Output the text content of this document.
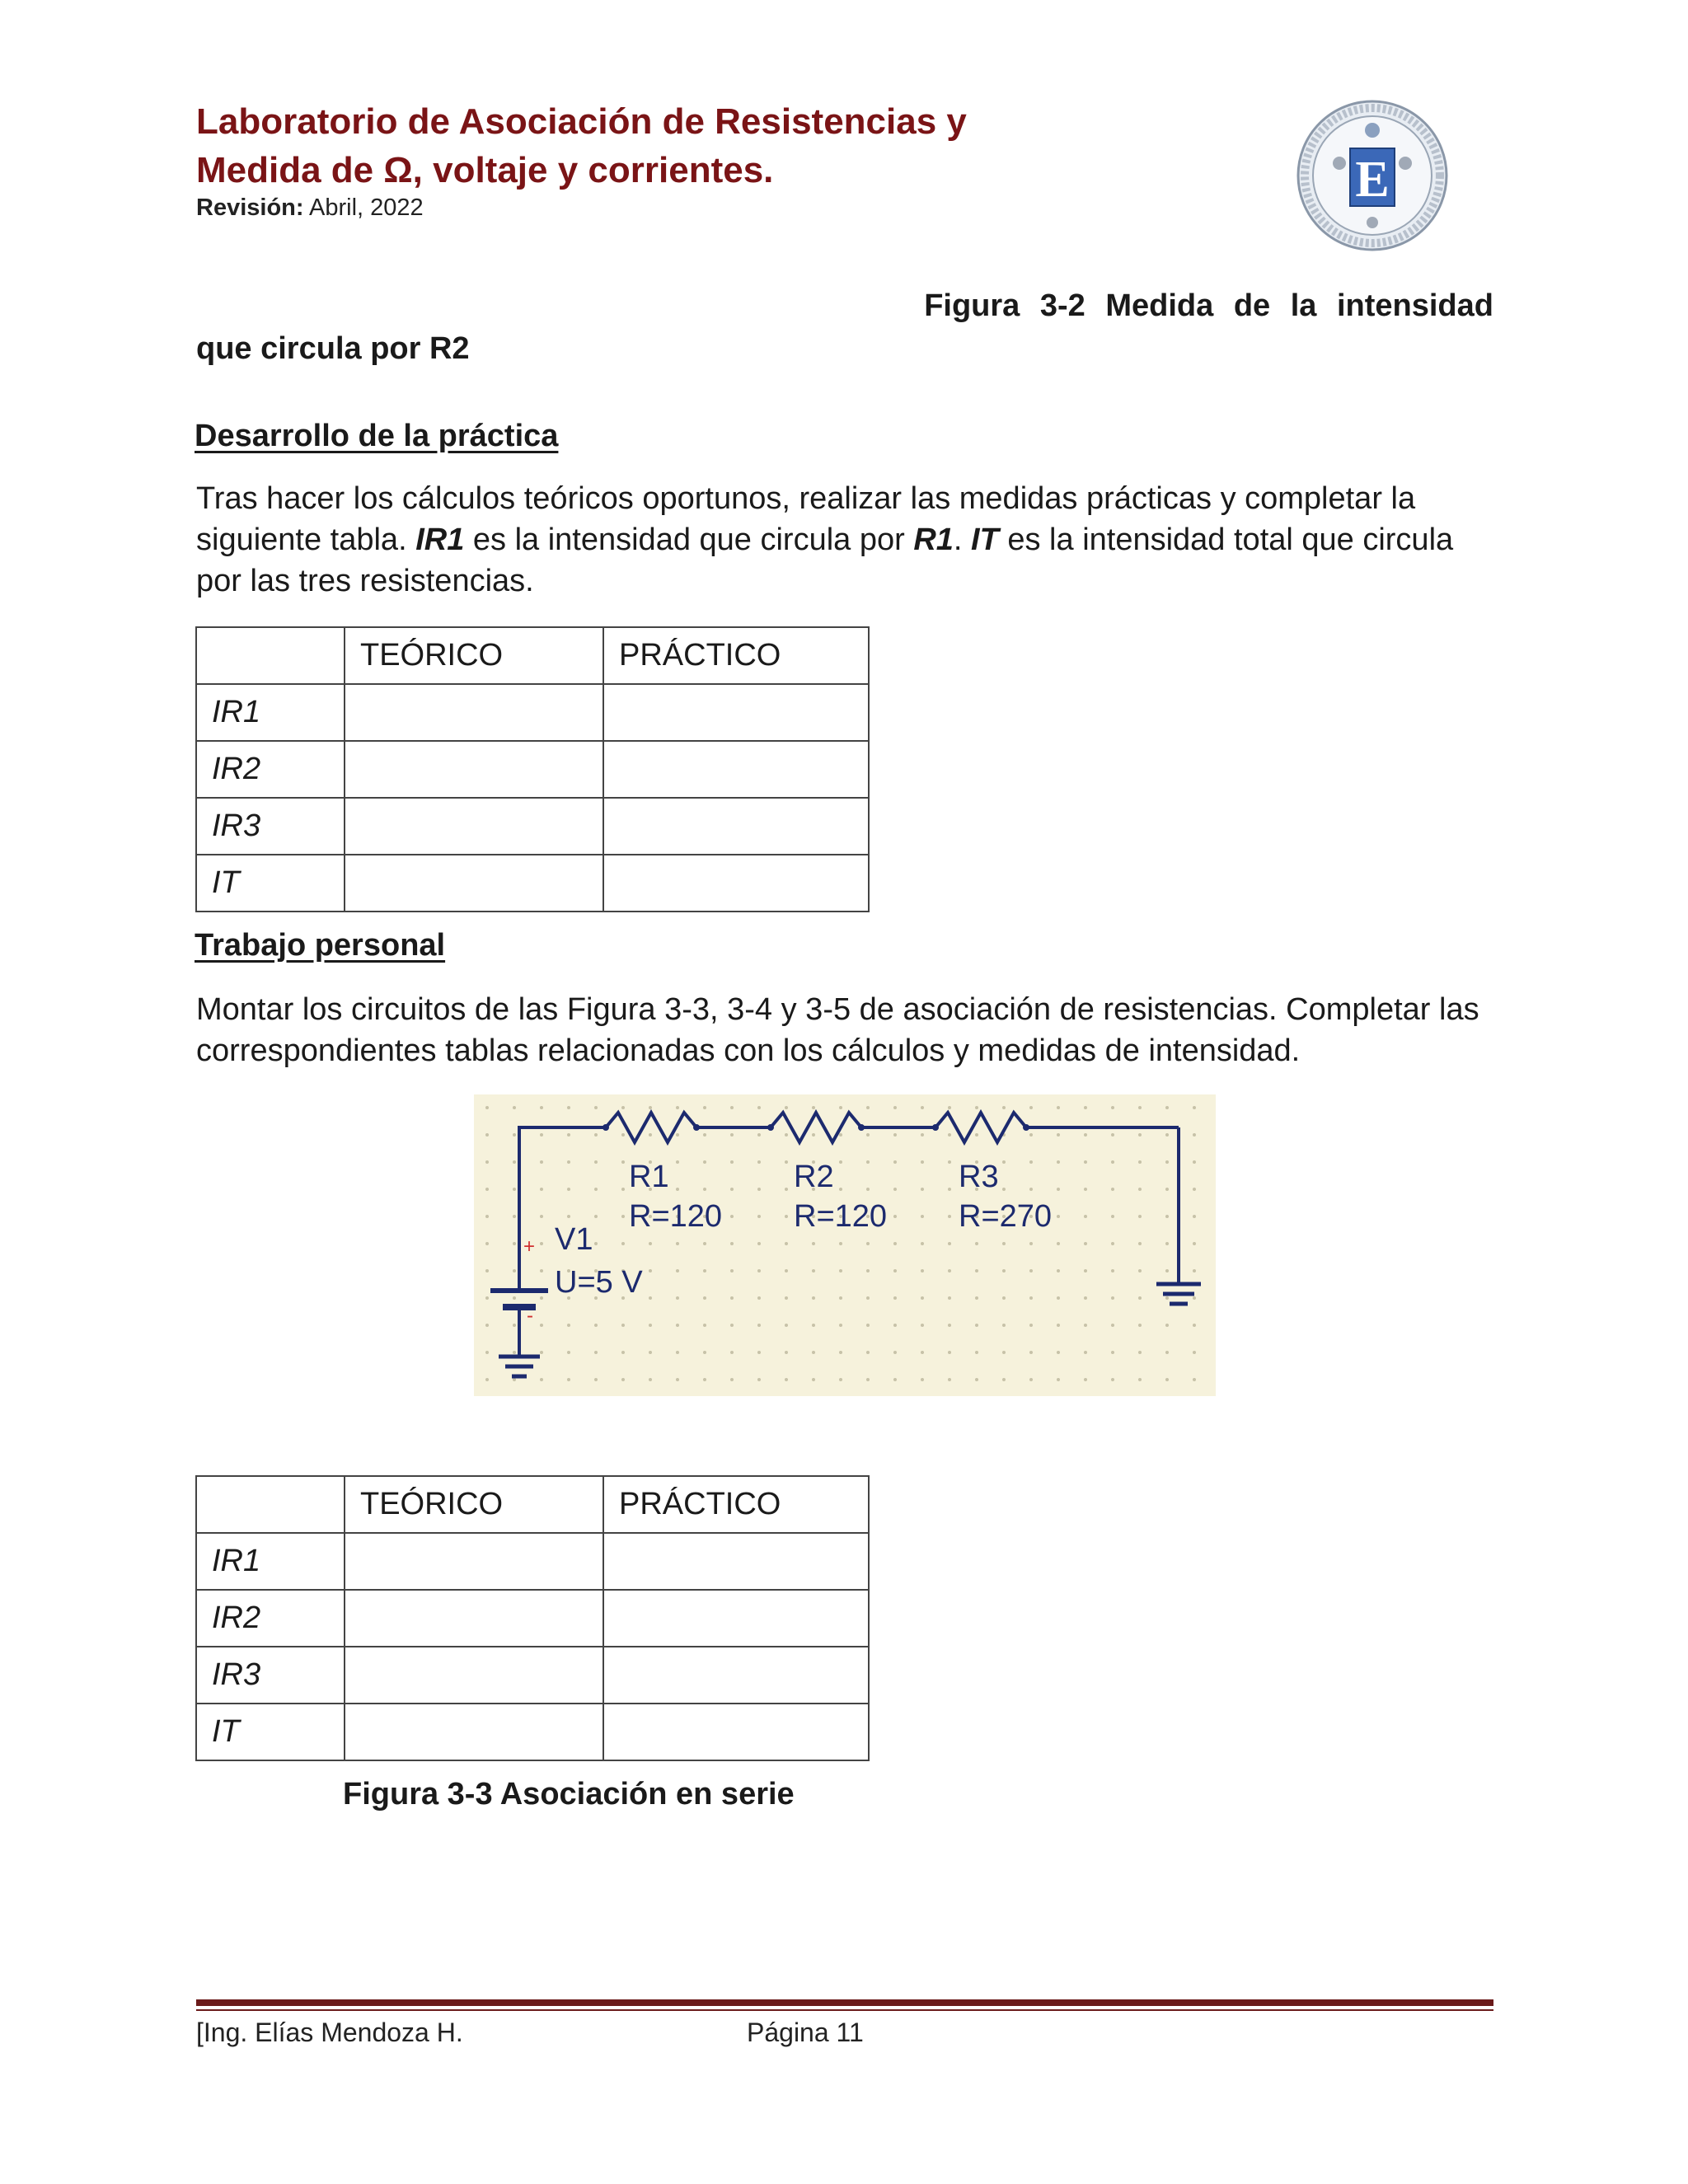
Laboratorio de Asociación de Resistencias y
Medida de Ω, voltaje y corrientes.
Revisión: Abril, 2022	E
Figura 3-2 Medida de la intensidad
que circula por R2
Desarrollo de la práctica

Tras hacer los cálculos teóricos oportunos, realizar las medidas prácticas y completar la siguiente tabla. IR1 es la intensidad que circula por R1. IT es la intensidad total que circula por las tres resistencias.

	TEÓRICO	PRÁCTICO
IR1		
IR2		
IR3		
IT		
Trabajo personal

Montar los circuitos de las Figura 3-3, 3-4 y 3-5 de asociación de resistencias. Completar las correspondientes tablas relacionadas con los cálculos y medidas de intensidad.

+
-
R1
R=120
R2
R=120
R3
R=270
V1
U=5 V
	TEÓRICO	PRÁCTICO
IR1		
IR2		
IR3		
IT		
Figura 3-3 Asociación en serie
[Ing. Elías Mendoza H.	Página 11
